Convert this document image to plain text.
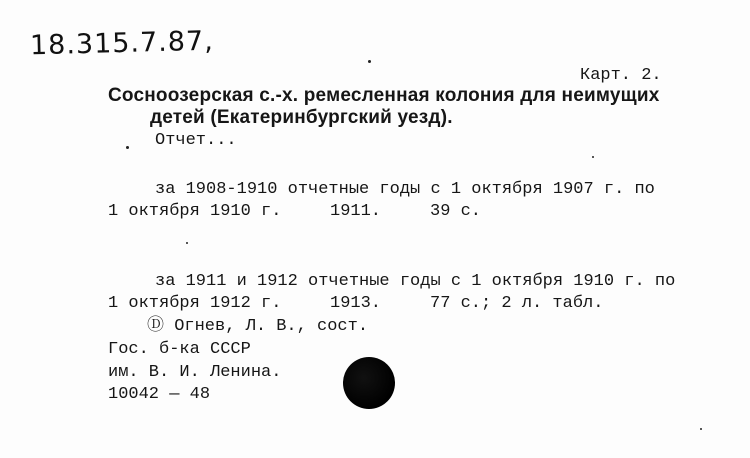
18.315.7.87,
Карт. 2.
Сосноозерская с.-х. ремесленная колония для неимущих
детей (Екатеринбургский уезд).
Отчет...
за 1908-1910 отчетные годы с 1 октября 1907 г. по
1 октября 1910 г.	1911.	39 с.
за 1911 и 1912 отчетные годы с 1 октября 1910 г. по
1 октября 1912 г.	1913.	77 с.; 2 л. табл.
Ⓓ Огнев, Л. В., сост.
Гос. б-ка СССР
им. В. И. Ленина.
10042 — 48
